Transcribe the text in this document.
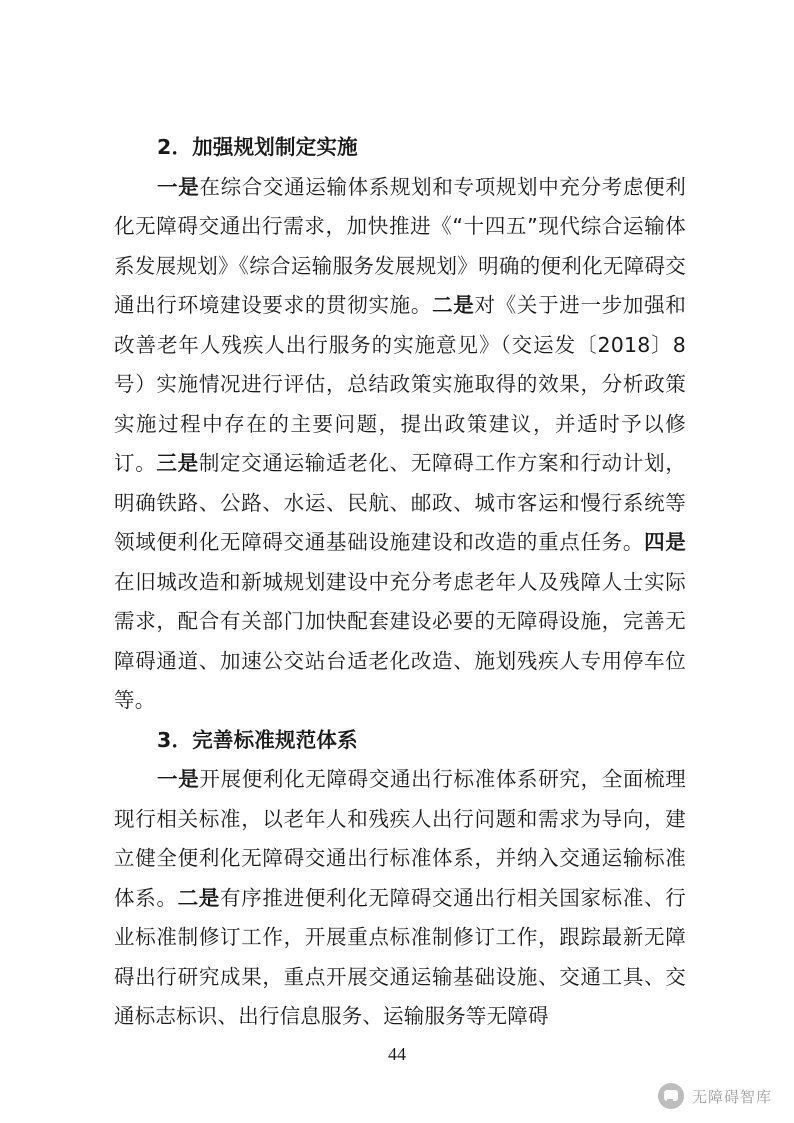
2．加强规划制定实施
一是在综合交通运输体系规划和专项规划中充分考虑便利化无障碍交通出行需求，加快推进《“十四五”现代综合运输体系发展规划》《综合运输服务发展规划》明确的便利化无障碍交通出行环境建设要求的贯彻实施。二是对《关于进一步加强和改善老年人残疾人出行服务的实施意见》（交运发〔2018〕8 号）实施情况进行评估，总结政策实施取得的效果，分析政策实施过程中存在的主要问题，提出政策建议，并适时予以修订。三是制定交通运输适老化、无障碍工作方案和行动计划，明确铁路、公路、水运、民航、邮政、城市客运和慢行系统等领域便利化无障碍交通基础设施建设和改造的重点任务。四是在旧城改造和新城规划建设中充分考虑老年人及残障人士实际需求，配合有关部门加快配套建设必要的无障碍设施，完善无障碍通道、加速公交站台适老化改造、施划残疾人专用停车位等。
3．完善标准规范体系
一是开展便利化无障碍交通出行标准体系研究，全面梳理现行相关标准，以老年人和残疾人出行问题和需求为导向，建立健全便利化无障碍交通出行标准体系，并纳入交通运输标准体系。二是有序推进便利化无障碍交通出行相关国家标准、行业标准制修订工作，开展重点标准制修订工作，跟踪最新无障碍出行研究成果，重点开展交通运输基础设施、交通工具、交通标志标识、出行信息服务、运输服务等无障碍
44
无障碍智库
